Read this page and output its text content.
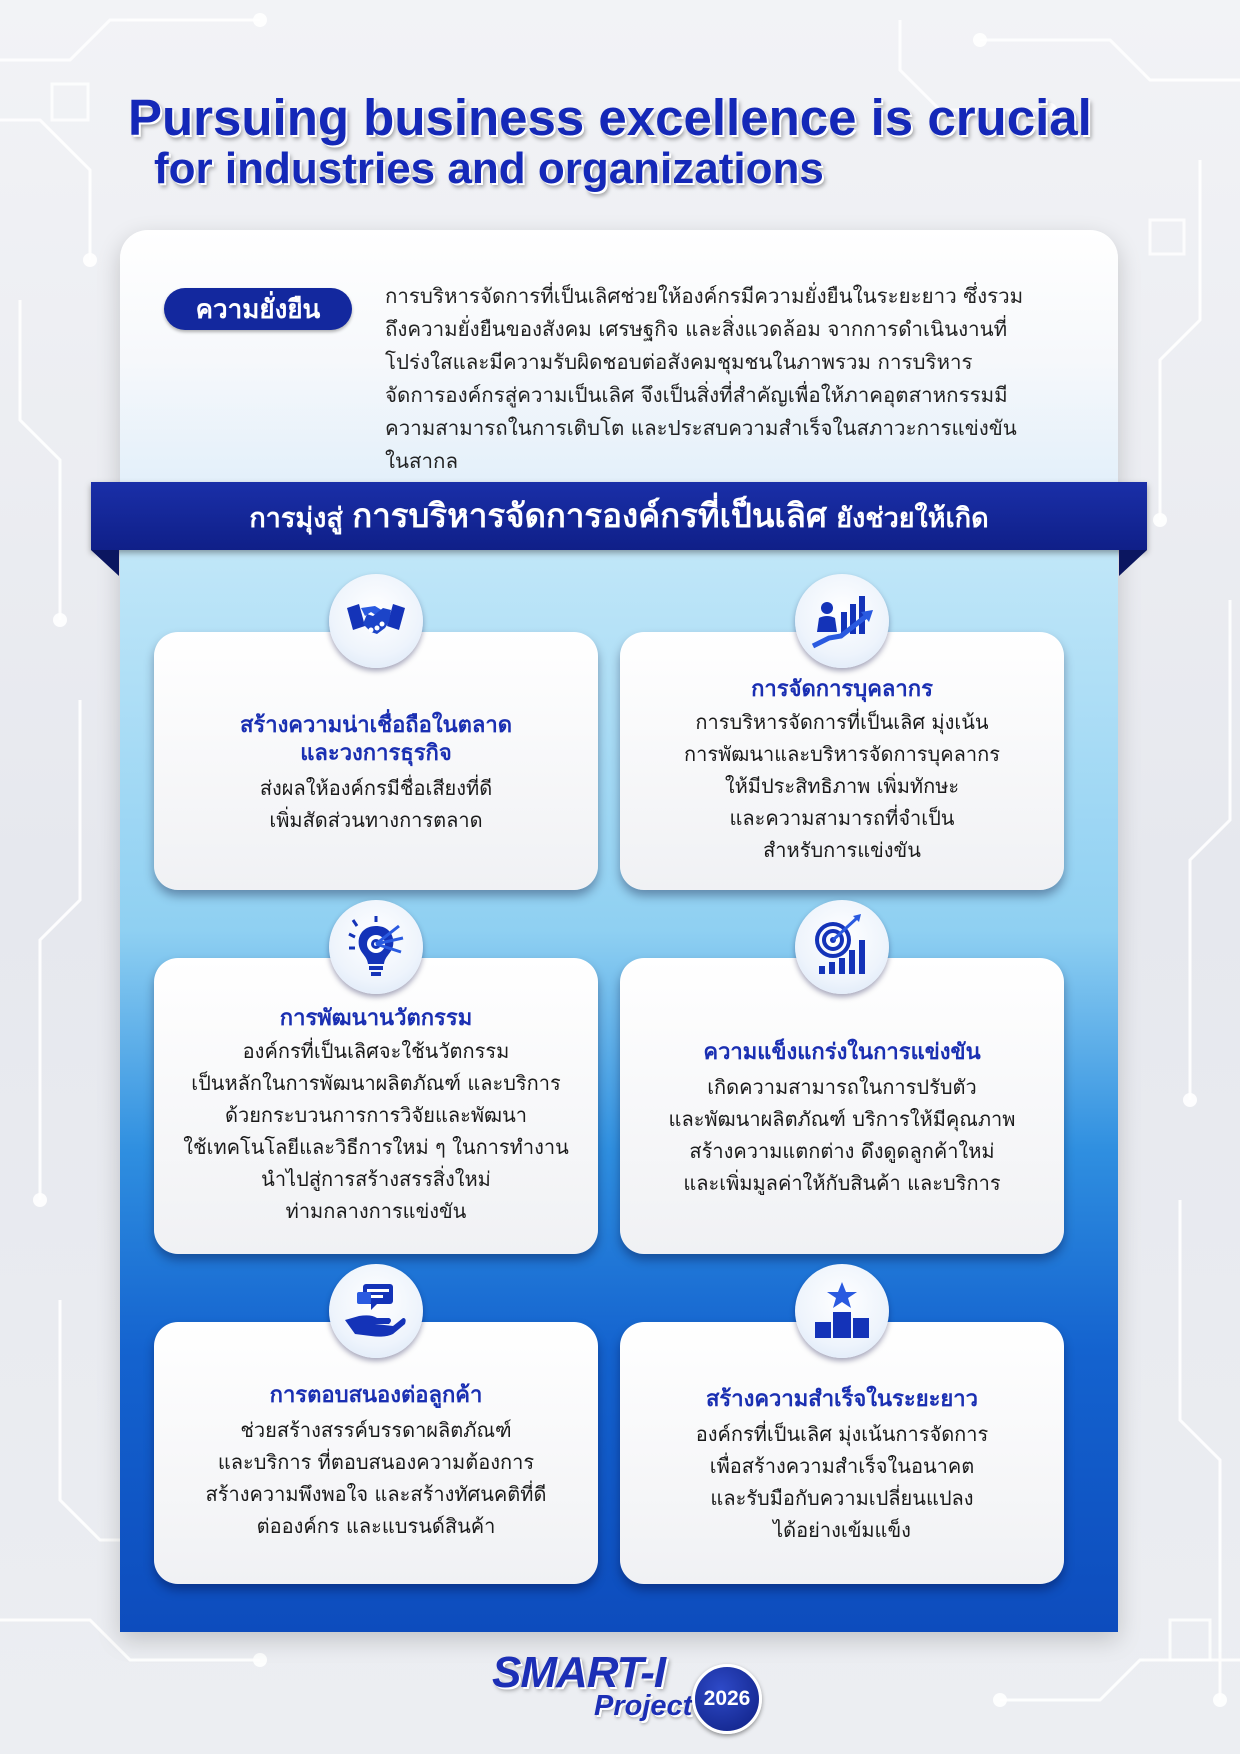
Pursuing business excellence is crucial
for industries and organizations
ความยั่งยืน	การบริหารจัดการที่เป็นเลิศช่วยให้องค์กรมีความยั่งยืนในระยะยาว ซึ่งรวมถึงความยั่งยืนของสังคม เศรษฐกิจ และสิ่งแวดล้อม จากการดำเนินงานที่โปร่งใสและมีความรับผิดชอบต่อสังคมชุมชนในภาพรวม การบริหารจัดการองค์กรสู่ความเป็นเลิศ จึงเป็นสิ่งที่สำคัญเพื่อให้ภาคอุตสาหกรรมมีความสามารถในการเติบโต และประสบความสำเร็จในสภาวะการแข่งขันในสากล

การมุ่งสู่ การบริหารจัดการองค์กรที่เป็นเลิศ ยังช่วยให้เกิด
สร้างความน่าเชื่อถือในตลาด
และวงการธุรกิจ

ส่งผลให้องค์กรมีชื่อเสียงที่ดี
เพิ่มสัดส่วนทางการตลาด

การจัดการบุคลากร

การบริหารจัดการที่เป็นเลิศ มุ่งเน้น
การพัฒนาและบริหารจัดการบุคลากร
ให้มีประสิทธิภาพ เพิ่มทักษะ
และความสามารถที่จำเป็น
สำหรับการแข่งขัน

การพัฒนานวัตกรรม

องค์กรที่เป็นเลิศจะใช้นวัตกรรม
เป็นหลักในการพัฒนาผลิตภัณฑ์ และบริการ
ด้วยกระบวนการการวิจัยและพัฒนา
ใช้เทคโนโลยีและวิธีการใหม่ ๆ ในการทำงาน
นำไปสู่การสร้างสรรสิ่งใหม่
ท่ามกลางการแข่งขัน

ความแข็งแกร่งในการแข่งขัน

เกิดความสามารถในการปรับตัว
และพัฒนาผลิตภัณฑ์ บริการให้มีคุณภาพ
สร้างความแตกต่าง ดึงดูดลูกค้าใหม่
และเพิ่มมูลค่าให้กับสินค้า และบริการ

การตอบสนองต่อลูกค้า

ช่วยสร้างสรรค์บรรดาผลิตภัณฑ์
และบริการ ที่ตอบสนองความต้องการ
สร้างความพึงพอใจ และสร้างทัศนคติที่ดี
ต่อองค์กร และแบรนด์สินค้า

สร้างความสำเร็จในระยะยาว

องค์กรที่เป็นเลิศ มุ่งเน้นการจัดการ
เพื่อสร้างความสำเร็จในอนาคต
และรับมือกับความเปลี่ยนแปลง
ได้อย่างเข้มแข็ง

SMART-I
Project 2026
